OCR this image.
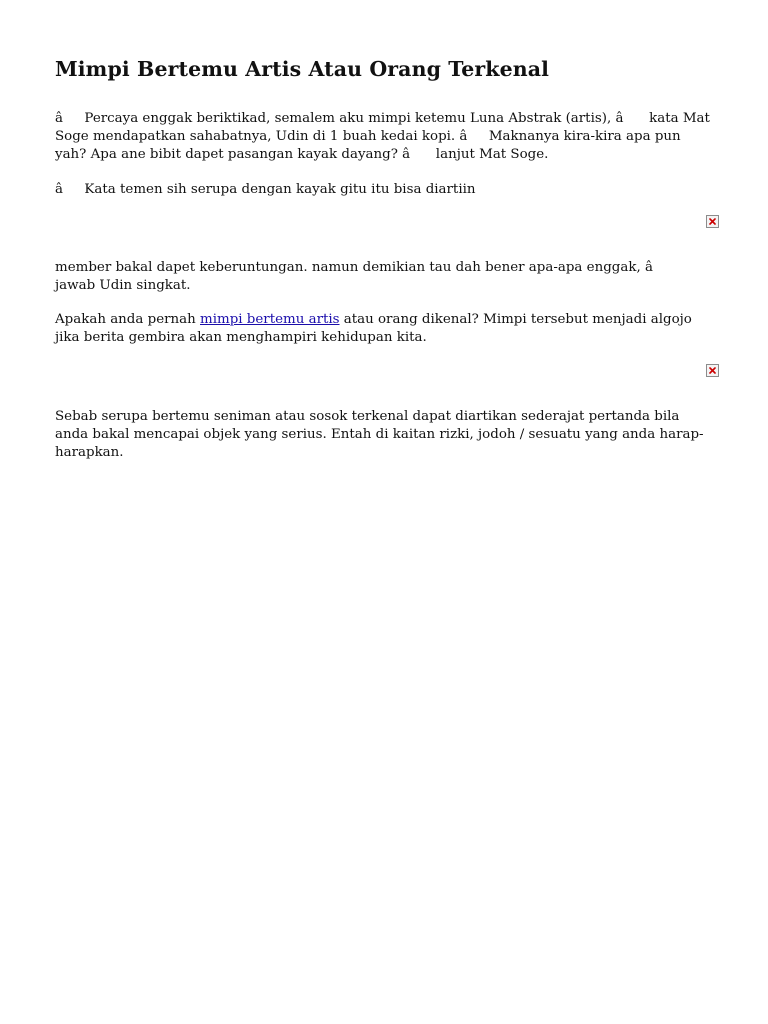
Mimpi Bertemu Artis Atau Orang Terkenal

âPercaya enggak beriktikad, semalem aku mimpi ketemu Luna Abstrak (artis), â kata Mat Soge mendapatkan sahabatnya, Udin di 1 buah kedai kopi. âMaknanya kira-kira apa pun yah? Apa ane bibit dapet pasangan kayak dayang? â lanjut Mat Soge.

âKata temen sih serupa dengan kayak gitu itu bisa diartiin

member bakal dapet keberuntungan. namun demikian tau dah bener apa-apa enggak, â jawab Udin singkat.

Apakah anda pernah mimpi bertemu artis atau orang dikenal? Mimpi tersebut menjadi algojo jika berita gembira akan menghampiri kehidupan kita.

Sebab serupa bertemu seniman atau sosok terkenal dapat diartikan sederajat pertanda bila anda bakal mencapai objek yang serius. Entah di kaitan rizki, jodoh / sesuatu yang anda harap-harapkan.
